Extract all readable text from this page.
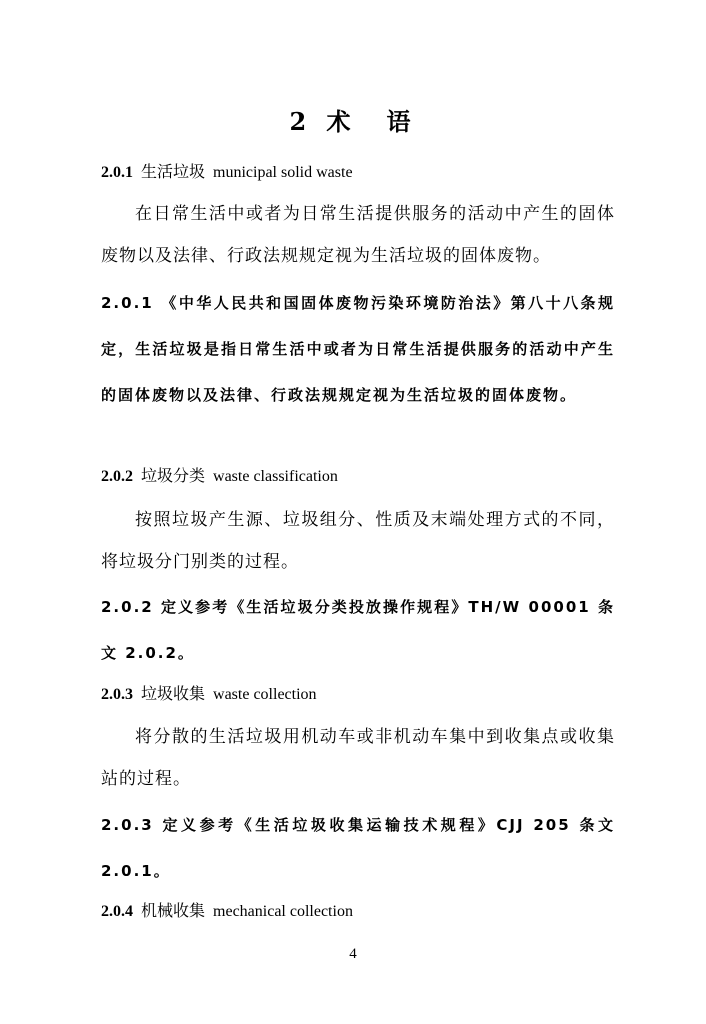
2 术　语
2.0.1 生活垃圾 municipal solid waste
在日常生活中或者为日常生活提供服务的活动中产生的固体废物以及法律、行政法规规定视为生活垃圾的固体废物。
2.0.1 《中华人民共和国固体废物污染环境防治法》第八十八条规定，生活垃圾是指日常生活中或者为日常生活提供服务的活动中产生的固体废物以及法律、行政法规规定视为生活垃圾的固体废物。
2.0.2 垃圾分类 waste classification
按照垃圾产生源、垃圾组分、性质及末端处理方式的不同，将垃圾分门别类的过程。
2.0.2 定义参考《生活垃圾分类投放操作规程》TH/W 00001 条文 2.0.2。
2.0.3 垃圾收集 waste collection
将分散的生活垃圾用机动车或非机动车集中到收集点或收集站的过程。
2.0.3 定义参考《生活垃圾收集运输技术规程》CJJ 205 条文 2.0.1。
2.0.4 机械收集 mechanical collection
4
